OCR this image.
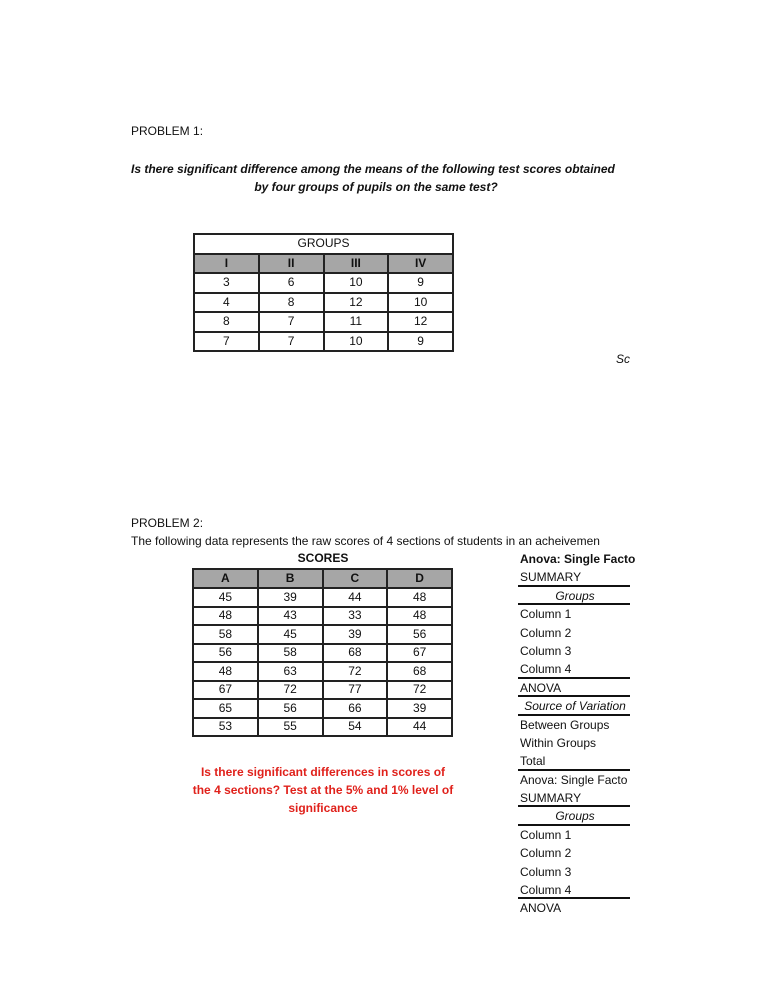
PROBLEM 1:
Is there significant difference among the means of the following test scores obtained
by four groups of pupils on the same test?
GROUPS			
I	II	III	IV
3	6	10	9
4	8	12	10
8	7	11	12
7	7	10	9
Sc
PROBLEM 2:
The following data represents the raw scores of 4 sections of students in an acheivemen
SCORES
A	B	C	D
45	39	44	48
48	43	33	48
58	45	39	56
56	58	68	67
48	63	72	68
67	72	77	72
65	56	66	39
53	55	54	44
Is there significant differences in scores of the 4 sections? Test at the 5% and 1% level of significance
Anova: Single Facto
SUMMARY
Groups
Column 1
Column 2
Column 3
Column 4
ANOVA
Source of Variation
Between Groups
Within Groups
Total
Anova: Single Facto
SUMMARY
Groups
Column 1
Column 2
Column 3
Column 4
ANOVA
